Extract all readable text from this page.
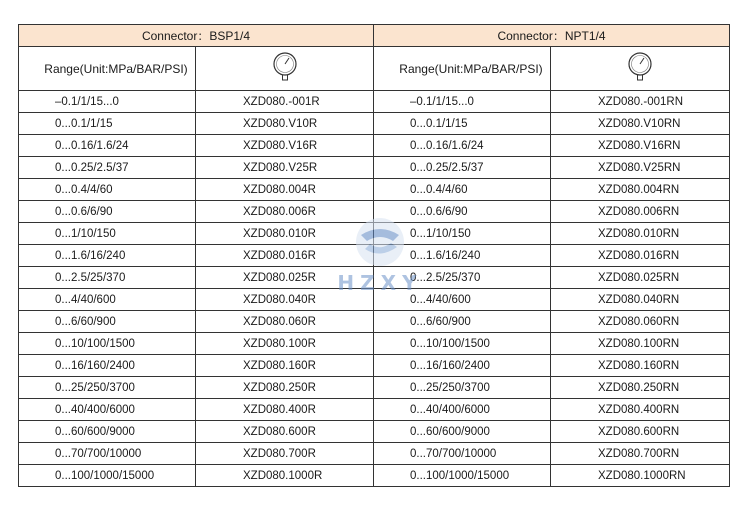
Connector：BSP1/4		Connector：NPT1/4	
Range(Unit:MPa/BAR/PSI)		Range(Unit:MPa/BAR/PSI)	
–0.1/1/15...0	XZD080.-001R	–0.1/1/15...0	XZD080.-001RN
0...0.1/1/15	XZD080.V10R	0...0.1/1/15	XZD080.V10RN
0...0.16/1.6/24	XZD080.V16R	0...0.16/1.6/24	XZD080.V16RN
0...0.25/2.5/37	XZD080.V25R	0...0.25/2.5/37	XZD080.V25RN
0...0.4/4/60	XZD080.004R	0...0.4/4/60	XZD080.004RN
0...0.6/6/90	XZD080.006R	0...0.6/6/90	XZD080.006RN
0...1/10/150	XZD080.010R	0...1/10/150	XZD080.010RN
0...1.6/16/240	XZD080.016R	0...1.6/16/240	XZD080.016RN
0...2.5/25/370	XZD080.025R	0...2.5/25/370	XZD080.025RN
0...4/40/600	XZD080.040R	0...4/40/600	XZD080.040RN
0...6/60/900	XZD080.060R	0...6/60/900	XZD080.060RN
0...10/100/1500	XZD080.100R	0...10/100/1500	XZD080.100RN
0...16/160/2400	XZD080.160R	0...16/160/2400	XZD080.160RN
0...25/250/3700	XZD080.250R	0...25/250/3700	XZD080.250RN
0...40/400/6000	XZD080.400R	0...40/400/6000	XZD080.400RN
0...60/600/9000	XZD080.600R	0...60/600/9000	XZD080.600RN
0...70/700/10000	XZD080.700R	0...70/700/10000	XZD080.700RN
0...100/1000/15000	XZD080.1000R	0...100/1000/15000	XZD080.1000RN
HZXY
